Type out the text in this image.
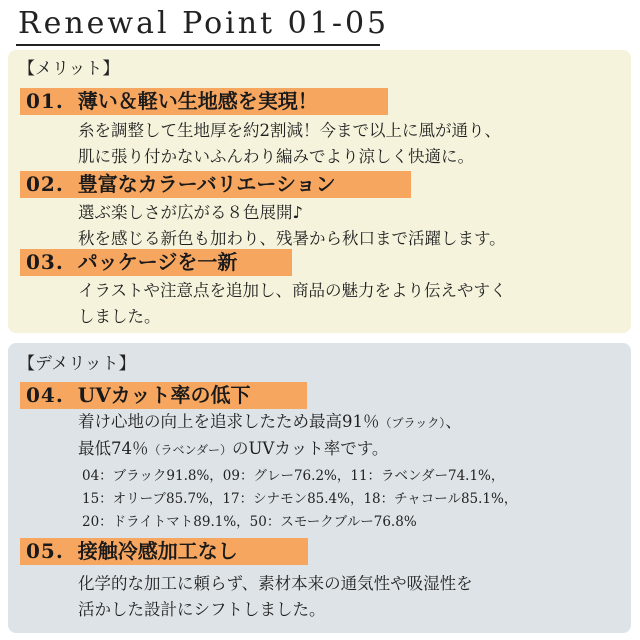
Renewal Point 01-05
【メリット】
01. 薄い＆軽い生地感を実現！
糸を調整して生地厚を約2割減！今まで以上に風が通り、
肌に張り付かないふんわり編みでより涼しく快適に。
02. 豊富なカラーバリエーション
選ぶ楽しさが広がる８色展開♪
秋を感じる新色も加わり、残暑から秋口まで活躍します。
03. パッケージを一新
イラストや注意点を追加し、商品の魅力をより伝えやすく
しました。
【デメリット】
04. UVカット率の低下
着け心地の向上を追求したため最高91％（ブラック）、
最低74％（ラベンダー）のUVカット率です。
04：ブラック91.8%，09：グレー76.2%，11：ラベンダー74.1%，
15：オリーブ85.7%，17：シナモン85.4%，18：チャコール85.1%，
20：ドライトマト89.1%，50：スモークブルー76.8%
05. 接触冷感加工なし
化学的な加工に頼らず、素材本来の通気性や吸湿性を
活かした設計にシフトしました。
